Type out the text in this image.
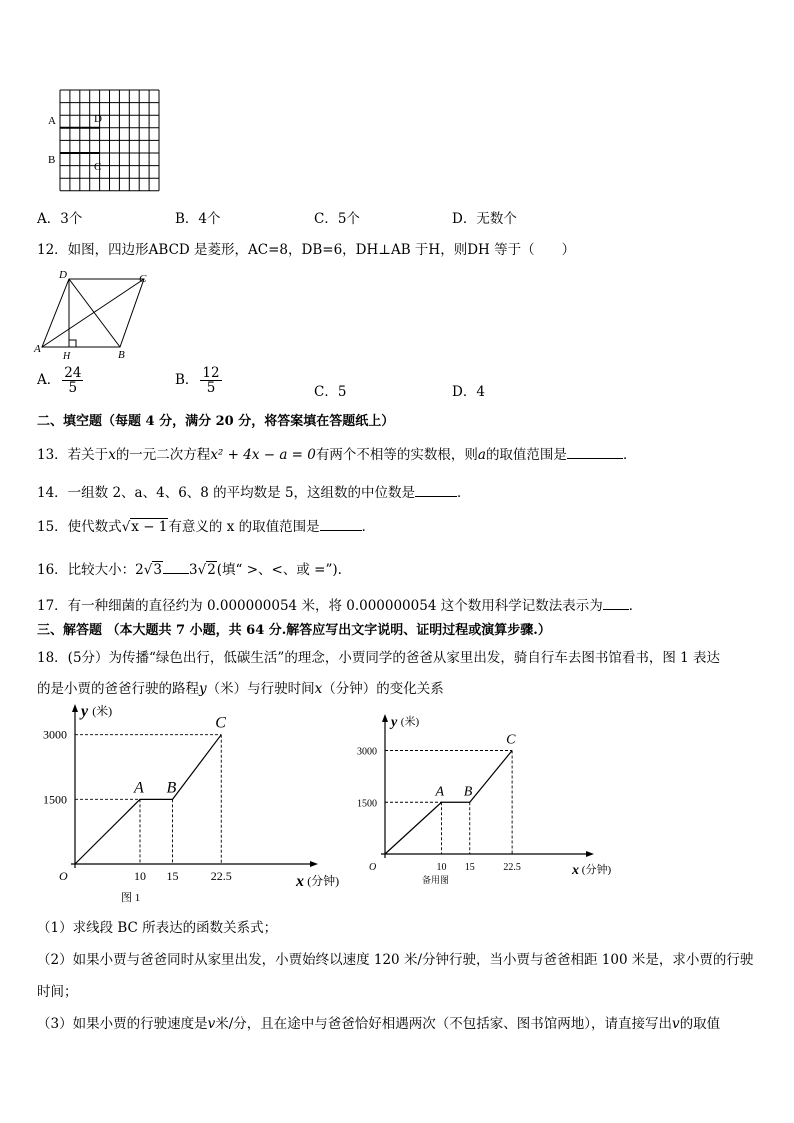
A
B
D
C
A．3个	B．4个	C．5个	D．无数个
12．如图，四边形ABCD 是菱形，AC=8，DB=6，DH⊥AB 于H，则DH 等于（　　）
A	B
C
D
H
A． $\frac{24}{5}$	B． $\frac{12}{5}$	C．5	D．4
二、填空题（每题 4 分，满分 20 分，将答案填在答题纸上）
13．若关于x的一元二次方程x² + 4x − a = 0有两个不相等的实数根，则a的取值范围是	．
14．一组数 2、a、4、6、8 的平均数是 5，这组数的中位数是	．
15．使代数式√x − 1有意义的 x 的取值范围是	．
16．比较大小：2√3 3√2(填“ >、<、或 =”).
17．有一种细菌的直径约为 0.000000054 米，将 0.000000054 这个数用科学记数法表示为 ．
三、解答题 （本大题共 7 小题，共 64 分.解答应写出文字说明、证明过程或演算步骤.）
18．(5分）为传播“绿色出行，低碳生活”的理念，小贾同学的爸爸从家里出发，骑自行车去图书馆看书，图 1 表达
的是小贾的爸爸行驶的路程y（米）与行驶时间x（分钟）的变化关系
y (米)
x (分钟)
O
A B
C
10 15	22.5
1500
3000
图 1
y (米)
x (分钟)
O
A B
C
10 15	22.5
1500
3000
备用图
（1）求线段 BC 所表达的函数关系式；
（2）如果小贾与爸爸同时从家里出发，小贾始终以速度 120 米/分钟行驶，当小贾与爸爸相距 100 米是，求小贾的行驶
时间；
（3）如果小贾的行驶速度是v米/分，且在途中与爸爸恰好相遇两次（不包括家、图书馆两地），请直接写出v的取值
